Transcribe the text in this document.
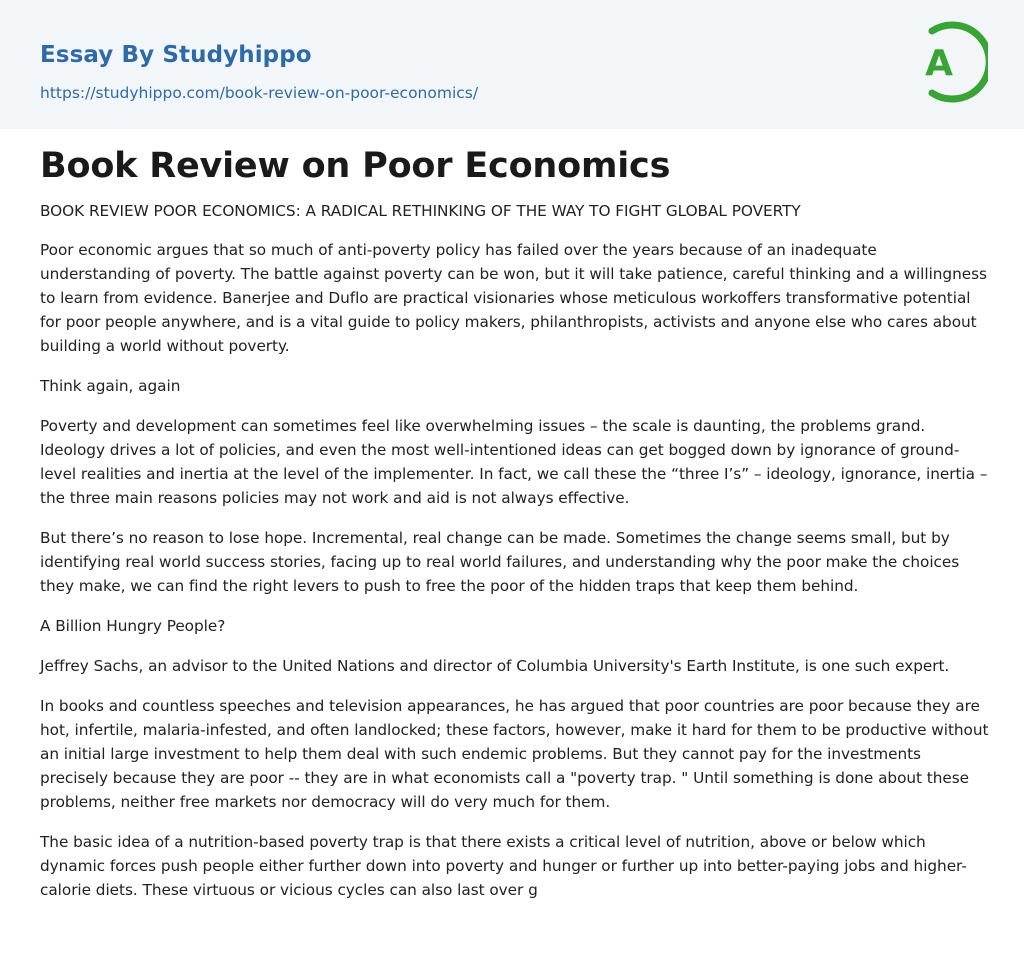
Essay By Studyhippo
https://studyhippo.com/book-review-on-poor-economics/
A
Book Review on Poor Economics

BOOK REVIEW POOR ECONOMICS: A RADICAL RETHINKING OF THE WAY TO FIGHT GLOBAL POVERTY

Poor economic argues that so much of anti-poverty policy has failed over the years because of an inadequate understanding of poverty. The battle against poverty can be won, but it will take patience, careful thinking and a willingness to learn from evidence. Banerjee and Duflo are practical visionaries whose meticulous workoffers transformative potential for poor people anywhere, and is a vital guide to policy makers, philanthropists, activists and anyone else who cares about building a world without poverty.

Think again, again

Poverty and development can sometimes feel like overwhelming issues – the scale is daunting, the problems grand. Ideology drives a lot of policies, and even the most well-intentioned ideas can get bogged down by ignorance of ground-level realities and inertia at the level of the implementer. In fact, we call these the “three I’s” – ideology, ignorance, inertia – the three main reasons policies may not work and aid is not always effective.

But there’s no reason to lose hope. Incremental, real change can be made. Sometimes the change seems small, but by identifying real world success stories, facing up to real world failures, and understanding why the poor make the choices they make, we can find the right levers to push to free the poor of the hidden traps that keep them behind.

A Billion Hungry People?

Jeffrey Sachs, an advisor to the United Nations and director of Columbia University's Earth Institute, is one such expert.

In books and countless speeches and television appearances, he has argued that poor countries are poor because they are hot, infertile, malaria-infested, and often landlocked; these factors, however, make it hard for them to be productive without an initial large investment to help them deal with such endemic problems. But they cannot pay for the investments precisely because they are poor -- they are in what economists call a "poverty trap. " Until something is done about these problems, neither free markets nor democracy will do very much for them.

The basic idea of a nutrition-based poverty trap is that there exists a critical level of nutrition, above or below which dynamic forces push people either further down into poverty and hunger or further up into better-paying jobs and higher-calorie diets. These virtuous or vicious cycles can also last over g
